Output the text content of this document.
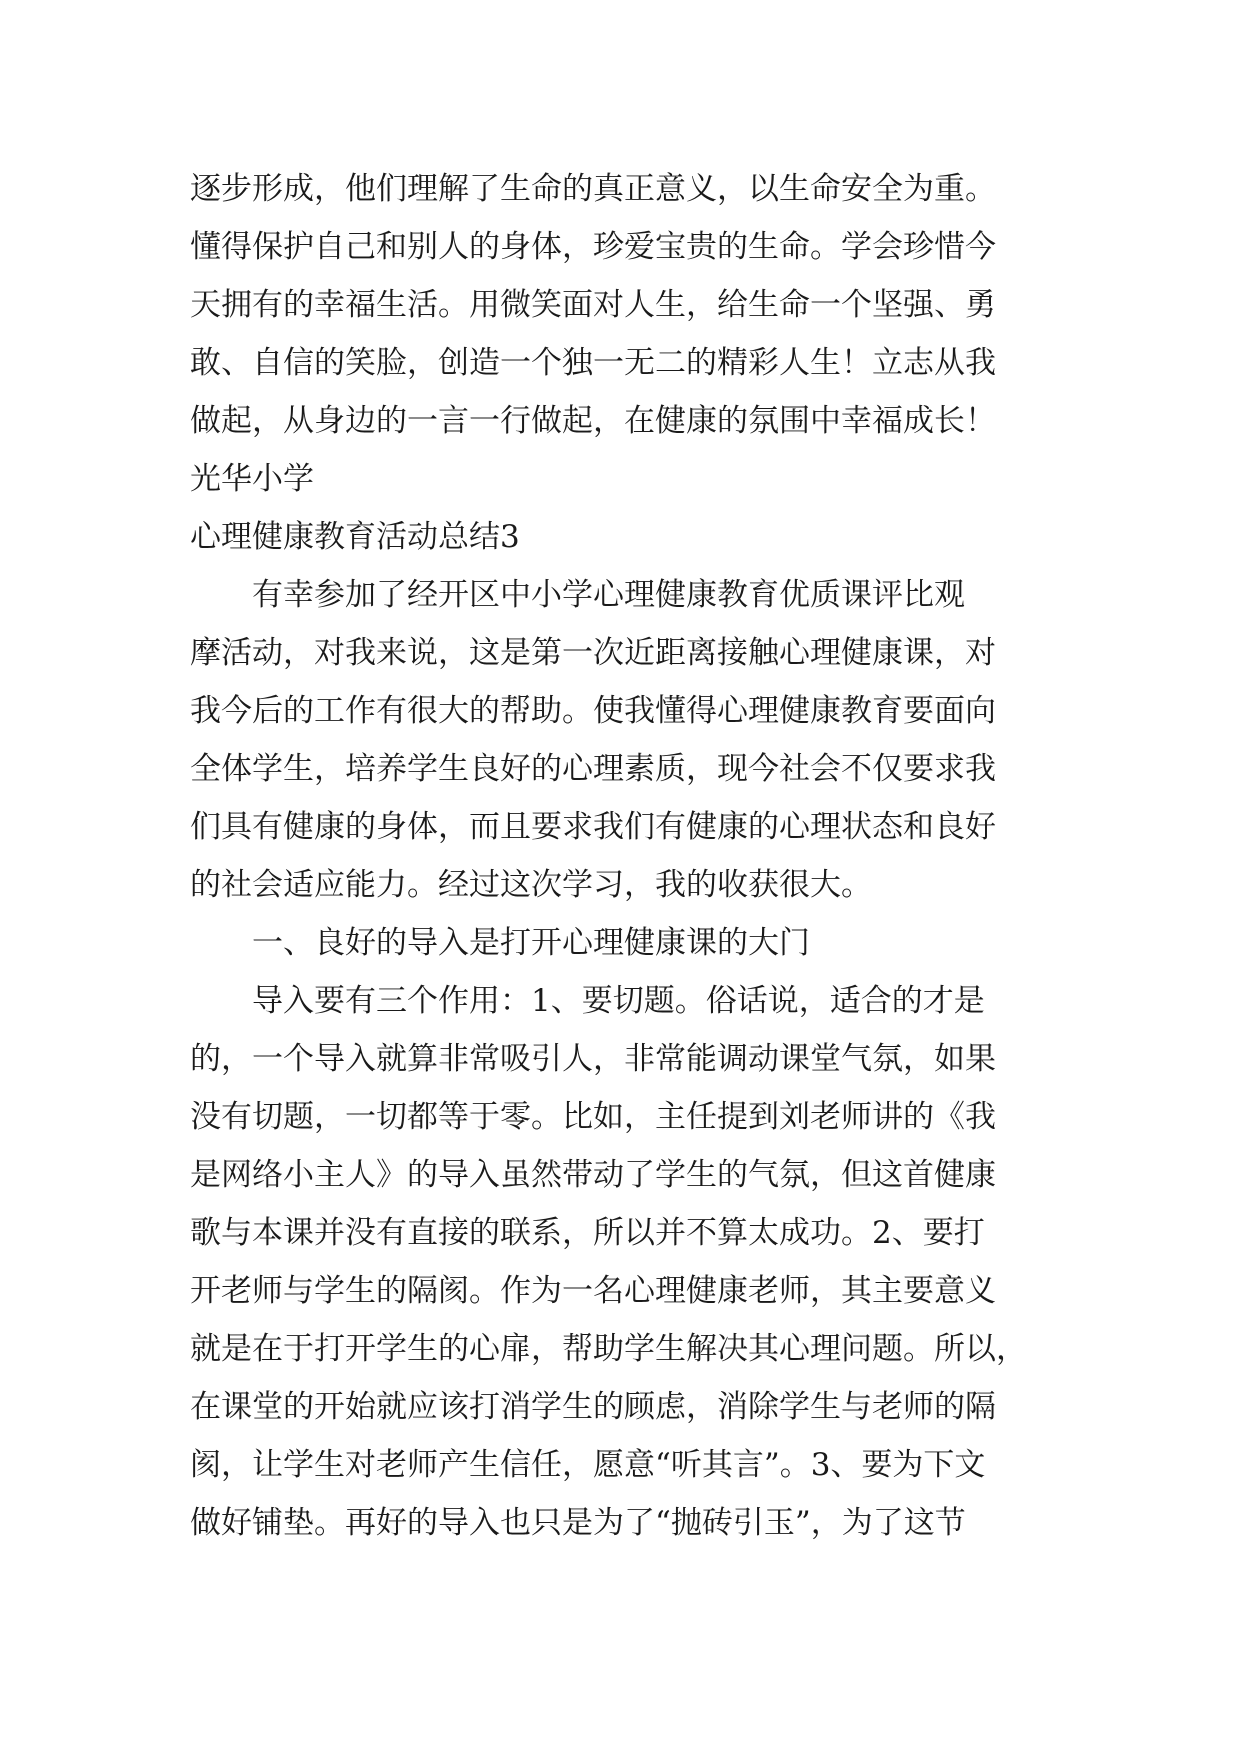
逐步形成，他们理解了生命的真正意义，以生命安全为重。
懂得保护自己和别人的身体，珍爱宝贵的生命。学会珍惜今
天拥有的幸福生活。用微笑面对人生，给生命一个坚强、勇
敢、自信的笑脸，创造一个独一无二的精彩人生！立志从我
做起，从身边的一言一行做起，在健康的氛围中幸福成长！
光华小学
心理健康教育活动总结3
　　有幸参加了经开区中小学心理健康教育优质课评比观
摩活动，对我来说，这是第一次近距离接触心理健康课，对
我今后的工作有很大的帮助。使我懂得心理健康教育要面向
全体学生，培养学生良好的心理素质，现今社会不仅要求我
们具有健康的身体，而且要求我们有健康的心理状态和良好
的社会适应能力。经过这次学习，我的收获很大。
　　一、良好的导入是打开心理健康课的大门
　　导入要有三个作用：1、要切题。俗话说，适合的才是
的，一个导入就算非常吸引人，非常能调动课堂气氛，如果
没有切题，一切都等于零。比如，主任提到刘老师讲的《我
是网络小主人》的导入虽然带动了学生的气氛，但这首健康
歌与本课并没有直接的联系，所以并不算太成功。2、要打
开老师与学生的隔阂。作为一名心理健康老师，其主要意义
就是在于打开学生的心扉，帮助学生解决其心理问题。所以，
在课堂的开始就应该打消学生的顾虑，消除学生与老师的隔
阂，让学生对老师产生信任，愿意“听其言”。3、要为下文
做好铺垫。再好的导入也只是为了“抛砖引玉”，为了这节
